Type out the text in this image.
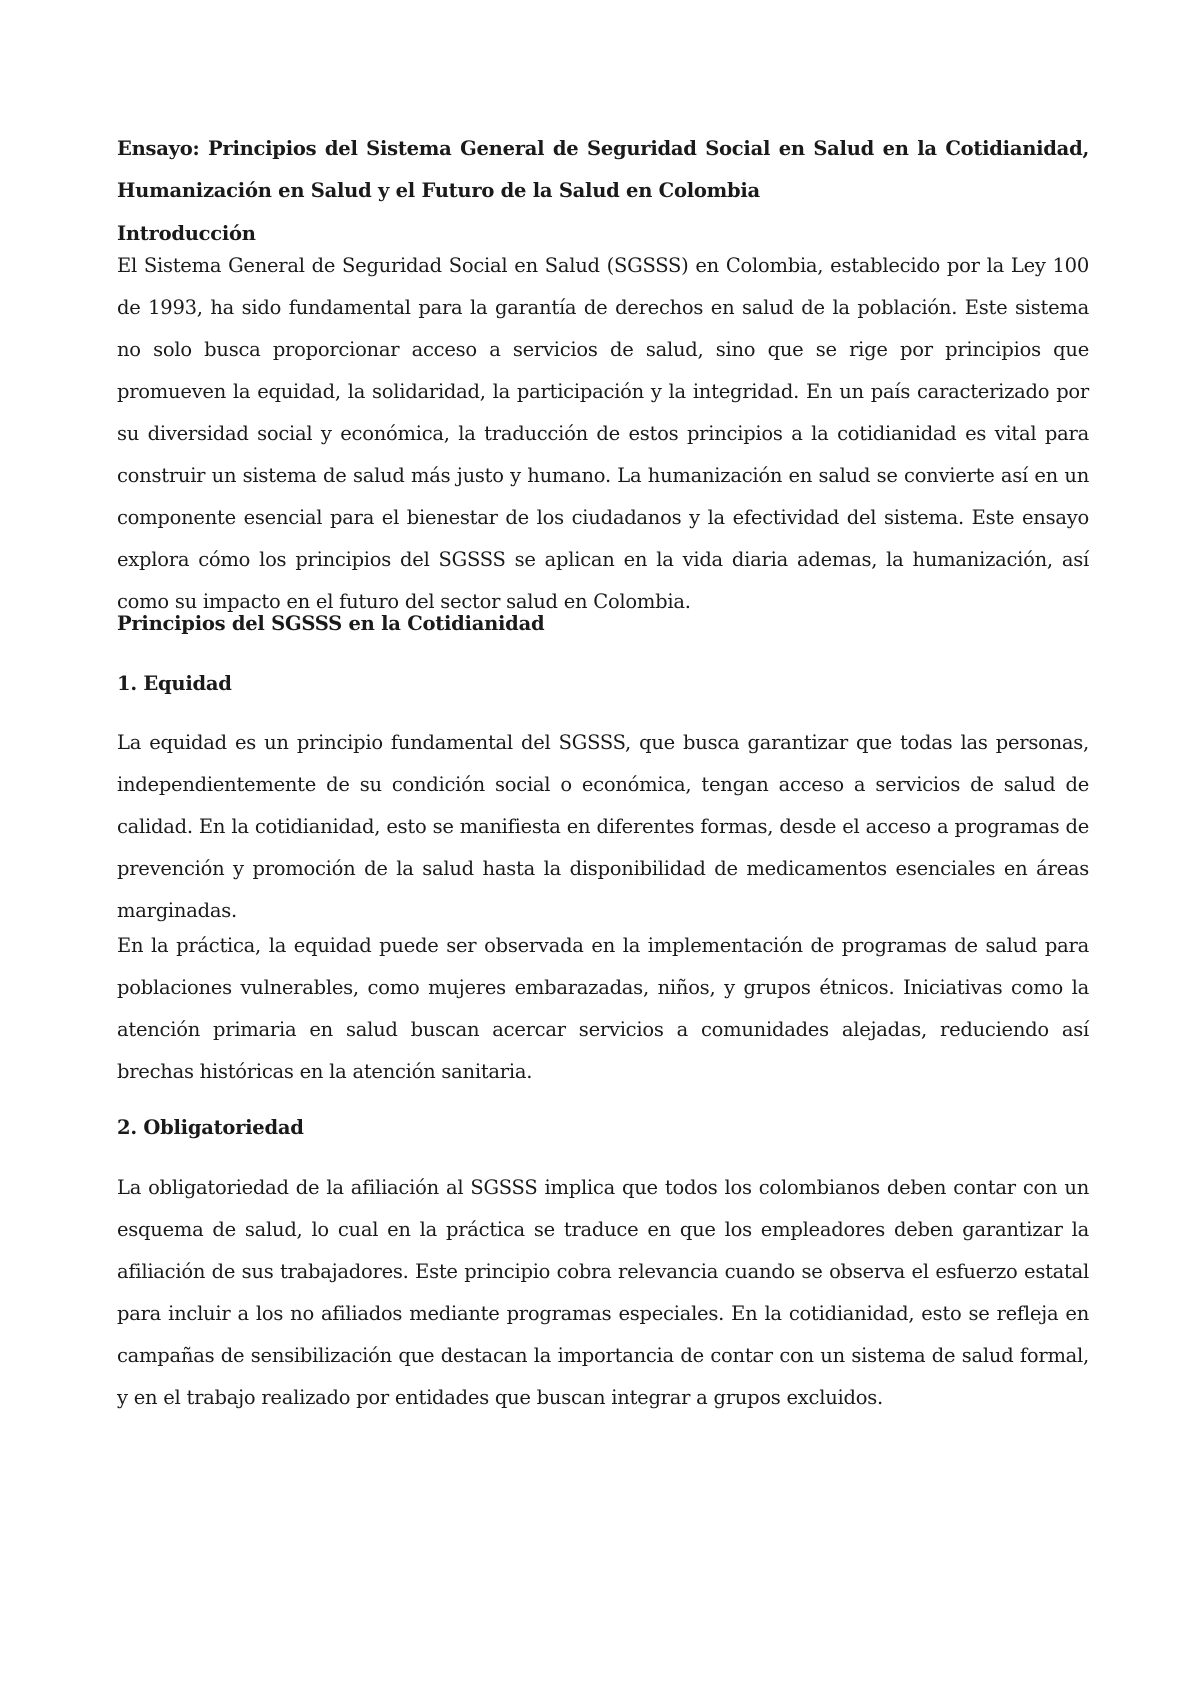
Ensayo: Principios del Sistema General de Seguridad Social en Salud en la Cotidianidad, Humanización en Salud y el Futuro de la Salud en Colombia

Introducción

El Sistema General de Seguridad Social en Salud (SGSSS) en Colombia, establecido por la Ley 100 de 1993, ha sido fundamental para la garantía de derechos en salud de la población. Este sistema no solo busca proporcionar acceso a servicios de salud, sino que se rige por principios que promueven la equidad, la solidaridad, la participación y la integridad. En un país caracterizado por su diversidad social y económica, la traducción de estos principios a la cotidianidad es vital para construir un sistema de salud más justo y humano. La humanización en salud se convierte así en un componente esencial para el bienestar de los ciudadanos y la efectividad del sistema. Este ensayo explora cómo los principios del SGSSS se aplican en la vida diaria ademas, la humanización, así como su impacto en el futuro del sector salud en Colombia.

Principios del SGSSS en la Cotidianidad

1. Equidad

La equidad es un principio fundamental del SGSSS, que busca garantizar que todas las personas, independientemente de su condición social o económica, tengan acceso a servicios de salud de calidad. En la cotidianidad, esto se manifiesta en diferentes formas, desde el acceso a programas de prevención y promoción de la salud hasta la disponibilidad de medicamentos esenciales en áreas marginadas.

En la práctica, la equidad puede ser observada en la implementación de programas de salud para poblaciones vulnerables, como mujeres embarazadas, niños, y grupos étnicos. Iniciativas como la atención primaria en salud buscan acercar servicios a comunidades alejadas, reduciendo así brechas históricas en la atención sanitaria.

2. Obligatoriedad

La obligatoriedad de la afiliación al SGSSS implica que todos los colombianos deben contar con un esquema de salud, lo cual en la práctica se traduce en que los empleadores deben garantizar la afiliación de sus trabajadores. Este principio cobra relevancia cuando se observa el esfuerzo estatal para incluir a los no afiliados mediante programas especiales. En la cotidianidad, esto se refleja en campañas de sensibilización que destacan la importancia de contar con un sistema de salud formal, y en el trabajo realizado por entidades que buscan integrar a grupos excluidos.
